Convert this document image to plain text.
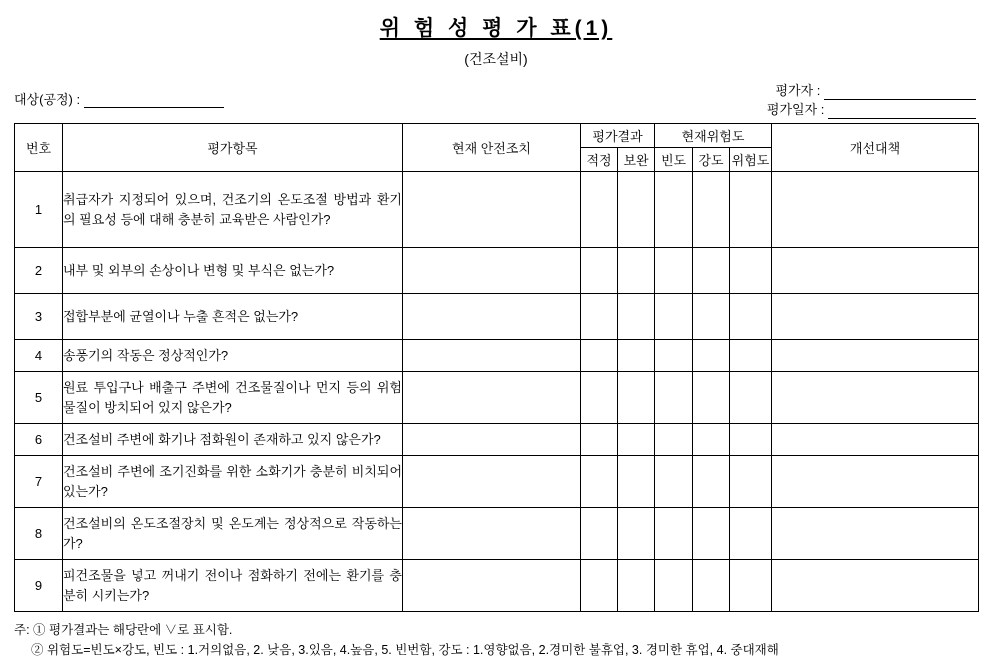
위 험 성 평 가 표(1)
(건조설비)
대상(공정) :
평가자 :
평가일자 :
번호	평가항목	현재 안전조치	평가결과		현재위험도			개선대책
			적정	보완	빈도	강도	위험도	
1	취급자가 지정되어 있으며, 건조기의 온도조절 방법과 환기의 필요성 등에 대해 충분히 교육받은 사람인가?							
2	내부 및 외부의 손상이나 변형 및 부식은 없는가?							
3	접합부분에 균열이나 누출 흔적은 없는가?							
4	송풍기의 작동은 정상적인가?							
5	원료 투입구나 배출구 주변에 건조물질이나 먼지 등의 위험물질이 방치되어 있지 않은가?							
6	건조설비 주변에 화기나 점화원이 존재하고 있지 않은가?							
7	건조설비 주변에 조기진화를 위한 소화기가 충분히 비치되어 있는가?							
8	건조설비의 온도조절장치 및 온도계는 정상적으로 작동하는가?							
9	피건조물을 넣고 꺼내기 전이나 점화하기 전에는 환기를 충분히 시키는가?							
주: ① 평가결과는 해당란에 ∨로 표시함.
② 위험도=빈도×강도, 빈도 : 1.거의없음, 2. 낮음, 3.있음, 4.높음, 5. 빈번함, 강도 : 1.영향없음, 2.경미한 불휴업, 3. 경미한 휴업, 4. 중대재해
